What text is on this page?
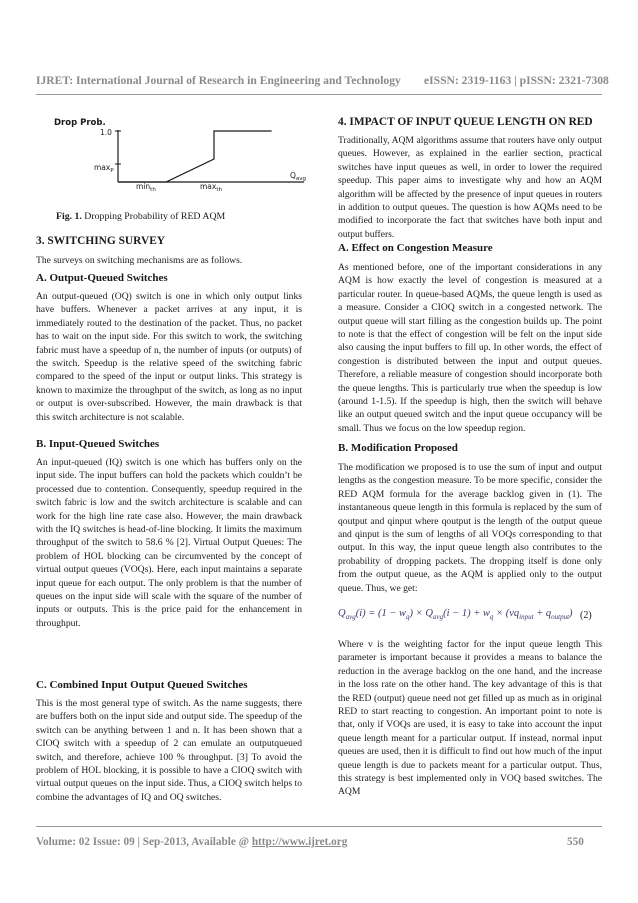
IJRET: International Journal of Research in Engineering and Technology eISSN: 2319-1163 | pISSN: 2321-7308
Drop Prob.
1.0
$\max_P$
$\min_{th}$	$\max_{th}$
$Q_{avg}$
Fig. 1. Dropping Probability of RED AQM
3. SWITCHING SURVEY

The surveys on switching mechanisms are as follows.

A. Output-Queued Switches

An output-queued (OQ) switch is one in which only output links have buffers. Whenever a packet arrives at any input, it is immediately routed to the destination of the packet. Thus, no packet has to wait on the input side. For this switch to work, the switching fabric must have a speedup of n, the number of inputs (or outputs) of the switch. Speedup is the relative speed of the switching fabric compared to the speed of the input or output links. This strategy is known to maximize the throughput of the switch, as long as no input or output is over-subscribed. However, the main drawback is that this switch architecture is not scalable.

B. Input-Queued Switches

An input-queued (IQ) switch is one which has buffers only on the input side. The input buffers can hold the packets which couldn’t be processed due to contention. Consequently, speedup required in the switch fabric is low and the switch architecture is scalable and can work for the high line rate case also. However, the main drawback with the IQ switches is head-of-line blocking. It limits the maximum throughput of the switch to 58.6 % [2]. Virtual Output Queues: The problem of HOL blocking can be circumvented by the concept of virtual output queues (VOQs). Here, each input maintains a separate input queue for each output. The only problem is that the number of queues on the input side will scale with the square of the number of inputs or outputs. This is the price paid for the enhancement in throughput.

C. Combined Input Output Queued Switches

This is the most general type of switch. As the name suggests, there are buffers both on the input side and output side. The speedup of the switch can be anything between 1 and n. It has been shown that a CIOQ switch with a speedup of 2 can emulate an outputqueued switch, and therefore, achieve 100 % throughput. [3] To avoid the problem of HOL blocking, it is possible to have a CIOQ switch with virtual output queues on the input side. Thus, a CIOQ switch helps to combine the advantages of IQ and OQ switches.

4. IMPACT OF INPUT QUEUE LENGTH ON RED

Traditionally, AQM algorithms assume that routers have only output queues. However, as explained in the earlier section, practical switches have input queues as well, in order to lower the required speedup. This paper aims to investigate why and how an AQM algorithm will be affected by the presence of input queues in routers in addition to output queues. The question is how AQMs need to be modified to incorporate the fact that switches have both input and output buffers.

A. Effect on Congestion Measure

As mentioned before, one of the important considerations in any AQM is how exactly the level of congestion is measured at a particular router. In queue-based AQMs, the queue length is used as a measure. Consider a CIOQ switch in a congested network. The output queue will start filling as the congestion builds up. The point to note is that the effect of congestion will be felt on the input side also causing the input buffers to fill up. In other words, the effect of congestion is distributed between the input and output queues. Therefore, a reliable measure of congestion should incorporate both the queue lengths. This is particularly true when the speedup is low (around 1-1.5). If the speedup is high, then the switch will behave like an output queued switch and the input queue occupancy will be small. Thus we focus on the low speedup region.

B. Modification Proposed

The modification we proposed is to use the sum of input and output lengths as the congestion measure. To be more specific, consider the RED AQM formula for the average backlog given in (1). The instantaneous queue length in this formula is replaced by the sum of qoutput and qinput where qoutput is the length of the output queue and qinput is the sum of lengths of all VOQs corresponding to that output. In this way, the input queue length also contributes to the probability of dropping packets. The dropping itself is done only from the output queue, as the AQM is applied only to the output queue. Thus, we get:

Where v is the weighting factor for the input queue length This parameter is important because it provides a means to balance the reduction in the average backlog on the one hand, and the increase in the loss rate on the other hand. The key advantage of this is that the RED (output) queue need not get filled up as much as in original RED to start reacting to congestion. An important point to note is that, only if VOQs are used, it is easy to take into account the input queue length meant for a particular output. If instead, normal input queues are used, then it is difficult to find out how much of the input queue length is due to packets meant for a particular output. Thus, this strategy is best implemented only in VOQ based switches. The AQM

$Q_{avg}(i) = (1 - w_q) \times Q_{avg}(i - 1) + w_q \times (vq_{input} + q_{output})$ (2)
Volume: 02 Issue: 09 | Sep-2013, Available @ http://www.ijret.org	550
